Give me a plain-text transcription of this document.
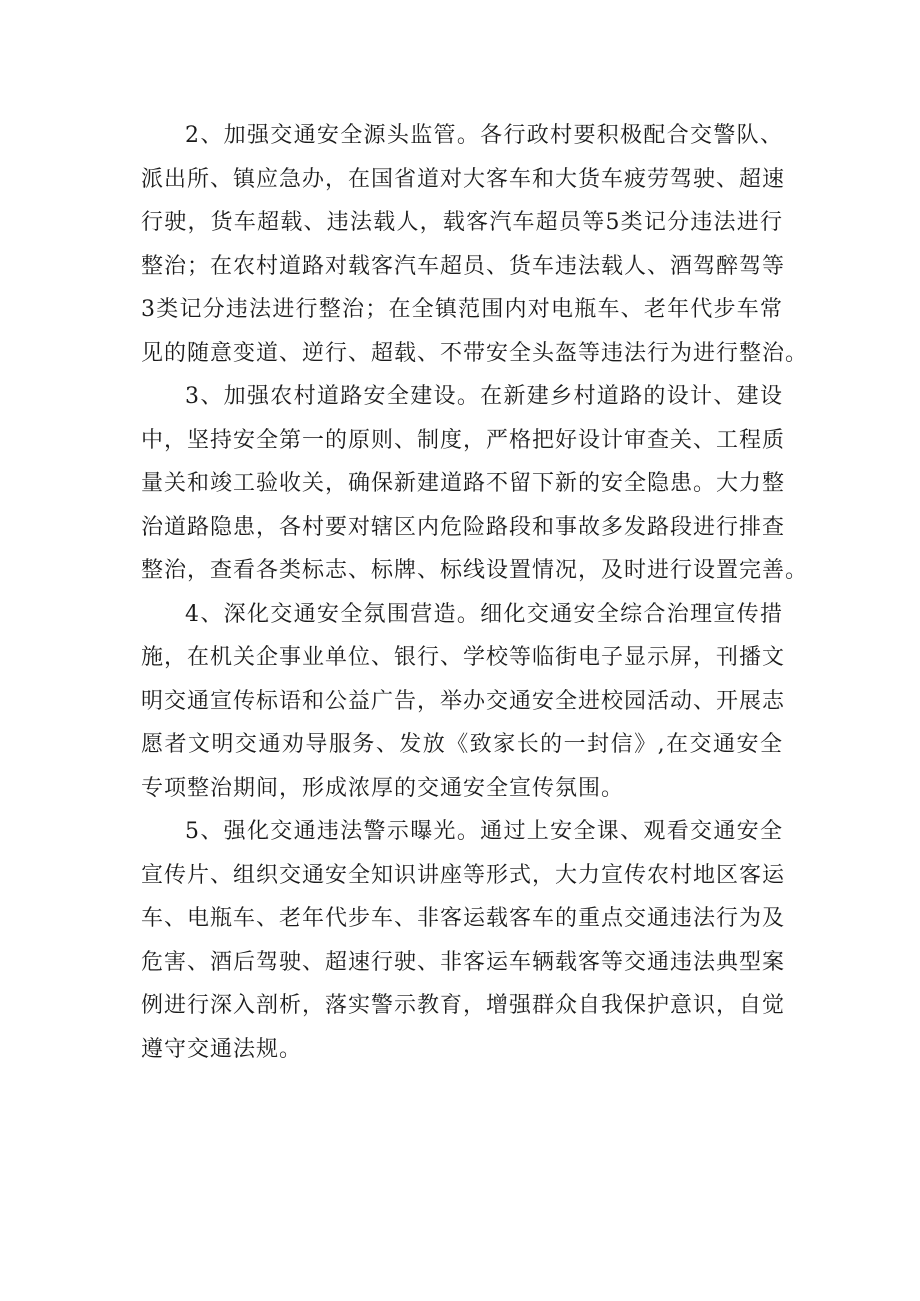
2、加强交通安全源头监管。各行政村要积极配合交警队、
派出所、镇应急办，在国省道对大客车和大货车疲劳驾驶、超速
行驶，货车超载、违法载人，载客汽车超员等5类记分违法进行
整治；在农村道路对载客汽车超员、货车违法载人、酒驾醉驾等
3类记分违法进行整治；在全镇范围内对电瓶车、老年代步车常
见的随意变道、逆行、超载、不带安全头盔等违法行为进行整治。
3、加强农村道路安全建设。在新建乡村道路的设计、建设
中，坚持安全第一的原则、制度，严格把好设计审查关、工程质
量关和竣工验收关，确保新建道路不留下新的安全隐患。大力整
治道路隐患，各村要对辖区内危险路段和事故多发路段进行排查
整治，查看各类标志、标牌、标线设置情况，及时进行设置完善。
4、深化交通安全氛围营造。细化交通安全综合治理宣传措
施，在机关企事业单位、银行、学校等临街电子显示屏，刊播文
明交通宣传标语和公益广告，举办交通安全进校园活动、开展志
愿者文明交通劝导服务、发放《致家长的一封信》,在交通安全
专项整治期间，形成浓厚的交通安全宣传氛围。
5、强化交通违法警示曝光。通过上安全课、观看交通安全
宣传片、组织交通安全知识讲座等形式，大力宣传农村地区客运
车、电瓶车、老年代步车、非客运载客车的重点交通违法行为及
危害、酒后驾驶、超速行驶、非客运车辆载客等交通违法典型案
例进行深入剖析，落实警示教育，增强群众自我保护意识，自觉
遵守交通法规。
